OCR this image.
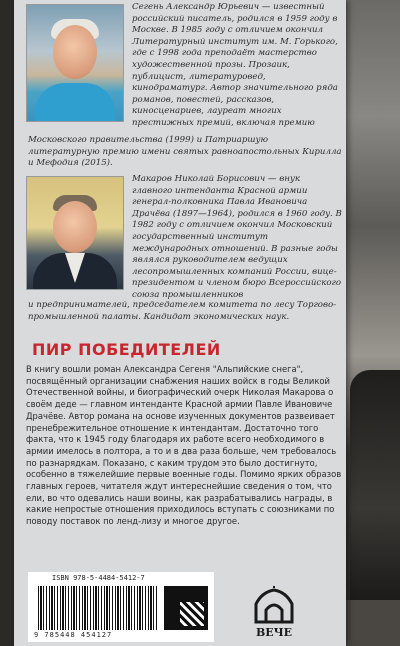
Сегень Александр Юрьевич — известный российский писатель, родился в 1959 году в Москве. В 1985 году с отличием окончил Литературный институт им. М. Горького, где с 1998 года преподаёт мастерство художественной прозы. Прозаик, публицист, литературовед, кинодраматург. Автор значительного ряда романов, повестей, рассказов, киносценариев, лауреат многих престижных премий, включая премию

Московского правительства (1999) и Патриаршую литературную премию имени святых равноапостольных Кирилла и Мефодия (2015).

Макаров Николай Борисович — внук главного интенданта Красной армии генерал-полковника Павла Ивановича Драчёва (1897—1964), родился в 1960 году. В 1982 году с отличием окончил Московский государственный институт международных отношений. В разные годы являлся руководителем ведущих лесопромышленных компаний России, вице-президентом и членом бюро Всероссийского союза промышленников

и предпринимателей, председателем комитета по лесу Торгово-промышленной палаты. Кандидат экономических наук.

ПИР ПОБЕДИТЕЛЕЙ

В книгу вошли роман Александра Сегеня "Альпийские снега", посвящённый организации снабжения наших войск в годы Великой Отечественной войны, и биографический очерк Николая Макарова о своём деде — главном интенданте Красной армии Павле Ивановиче Драчёве. Автор романа на основе изученных документов развеивает пренебрежительное отношение к интендантам. Достаточно того факта, что к 1945 году благодаря их работе всего необходимого в армии имелось в полтора, а то и в два раза больше, чем требовалось по разнарядкам. Показано, с каким трудом это было достигнуто, особенно в тяжелейшие первые военные годы. Помимо ярких образов главных героев, читателя ждут интереснейшие сведения о том, что ели, во что одевались наши воины, как разрабатывались награды, в какие непростые отношения приходилось вступать с союзниками по поводу поставок по ленд-лизу и многое другое.

ISBN 978-5-4484-5412-7
9 785448 454127	ВЕЧЕ
